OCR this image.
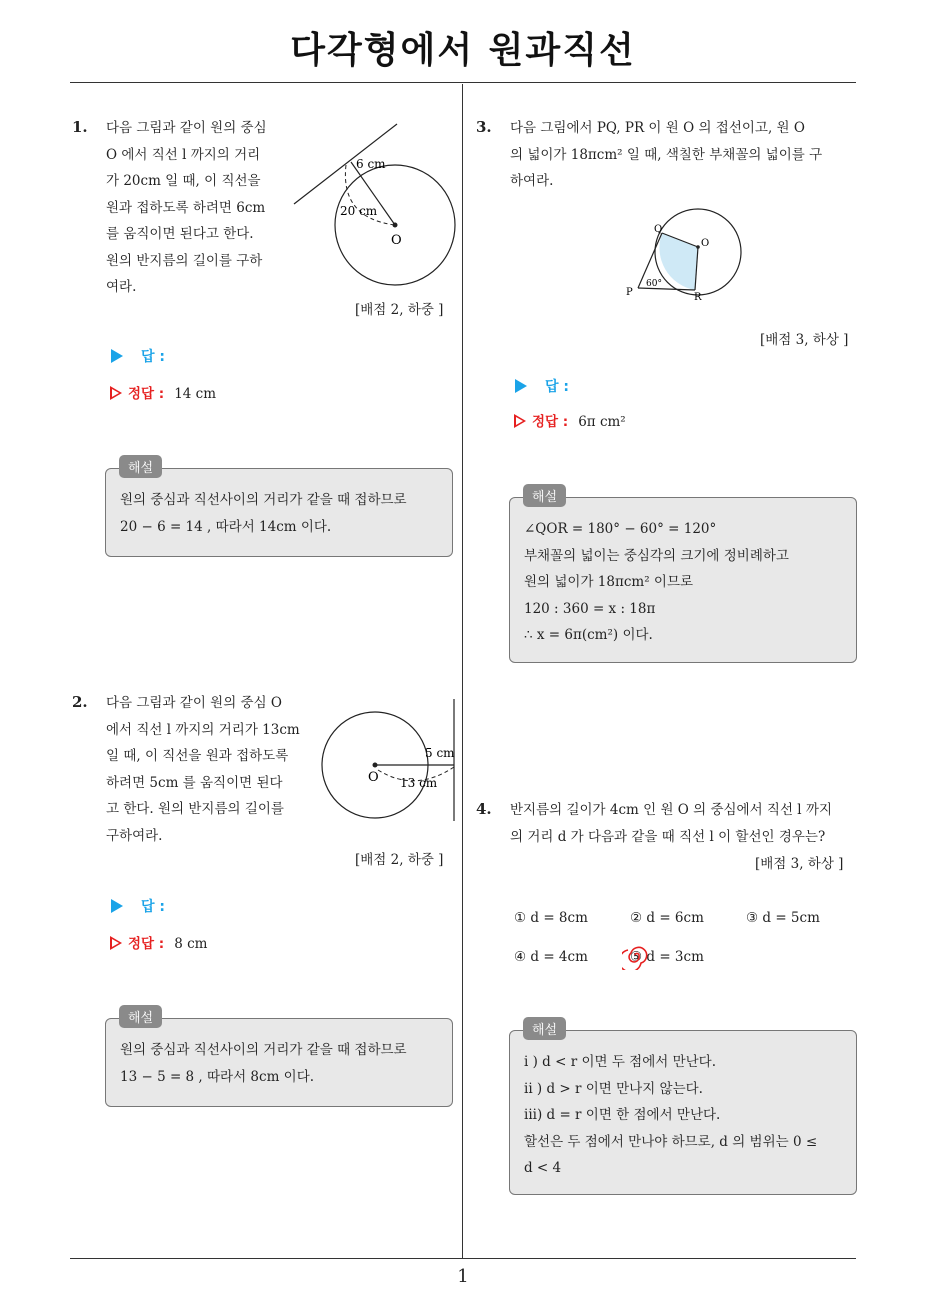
다각형에서 원과직선
1. 다음 그림과 같이 원의 중심
O 에서 직선 l 까지의 거리
가 20cm 일 때, 이 직선을
원과 접하도록 하려면 6cm
를 움직이면 된다고 한다.
원의 반지름의 길이를 구하
여라.
6 cm
20 cm
O
[배점 2, 하중 ]
답 :
정답 : 14 cm
원의 중심과 직선사이의 거리가 같을 때 접하므로
20 − 6 = 14 , 따라서 14cm 이다.
해설
2. 다음 그림과 같이 원의 중심 O
에서 직선 l 까지의 거리가 13cm
일 때, 이 직선을 원과 접하도록
하려면 5cm 를 움직이면 된다
고 한다. 원의 반지름의 길이를
구하여라.
5 cm
13 cm
O
[배점 2, 하중 ]
답 :
정답 : 8 cm
원의 중심과 직선사이의 거리가 같을 때 접하므로
13 − 5 = 8 , 따라서 8cm 이다.
해설
3. 다음 그림에서 PQ, PR 이 원 O 의 접선이고, 원 O
의 넓이가 18πcm² 일 때, 색칠한 부채꼴의 넓이를 구
하여라.
Q
O
P	R
60°
[배점 3, 하상 ]
답 :
정답 : 6π cm²
∠QOR = 180° − 60° = 120°
부채꼴의 넓이는 중심각의 크기에 정비례하고
원의 넓이가 18πcm² 이므로
120 : 360 = x : 18π
∴ x = 6π(cm²) 이다.
해설
4. 반지름의 길이가 4cm 인 원 O 의 중심에서 직선 l 까지
의 거리 d 가 다음과 같을 때 직선 l 이 할선인 경우는?
[배점 3, 하상 ]
① d = 8cm	② d = 6cm	③ d = 5cm
④ d = 4cm	⑤ d = 3cm
i ) d < r 이면 두 점에서 만난다.
ii ) d > r 이면 만나지 않는다.
iii) d = r 이면 한 점에서 만난다.
할선은 두 점에서 만나야 하므로, d 의 범위는 0 ≤
d < 4
해설
1
